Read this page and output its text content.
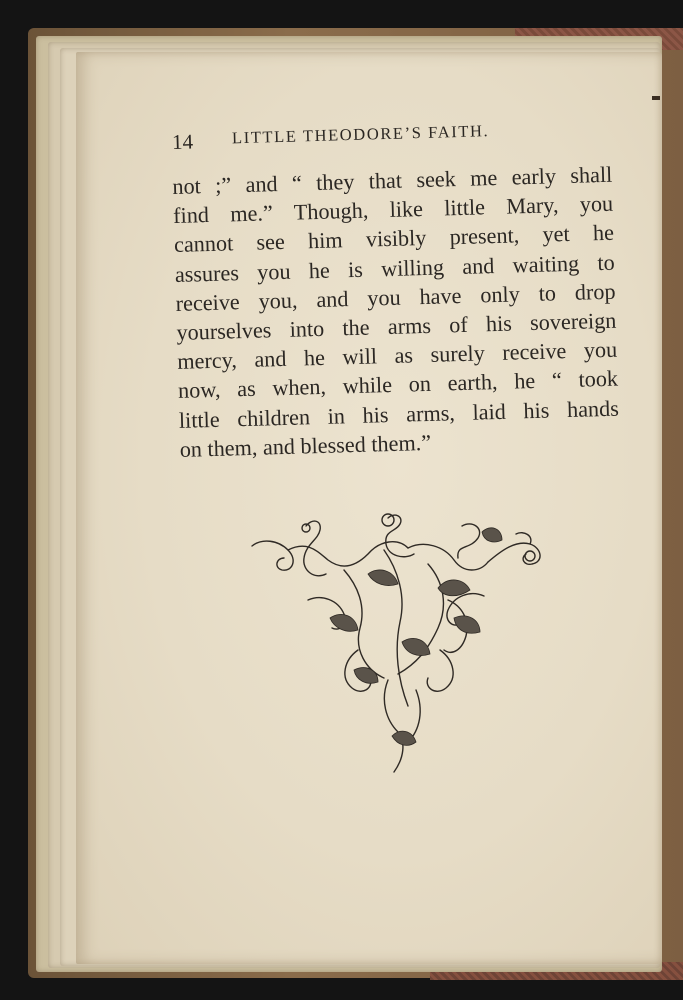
14 LITTLE THEODORE’S FAITH.
not ;” and “ they that seek me early shall
find me.” Though, like little Mary, you
cannot see him visibly present, yet he
assures you he is willing and waiting to
receive you, and you have only to drop
yourselves into the arms of his sovereign
mercy, and he will as surely receive you
now, as when, while on earth, he “ took
little children in his arms, laid his hands
on them, and blessed them.”
